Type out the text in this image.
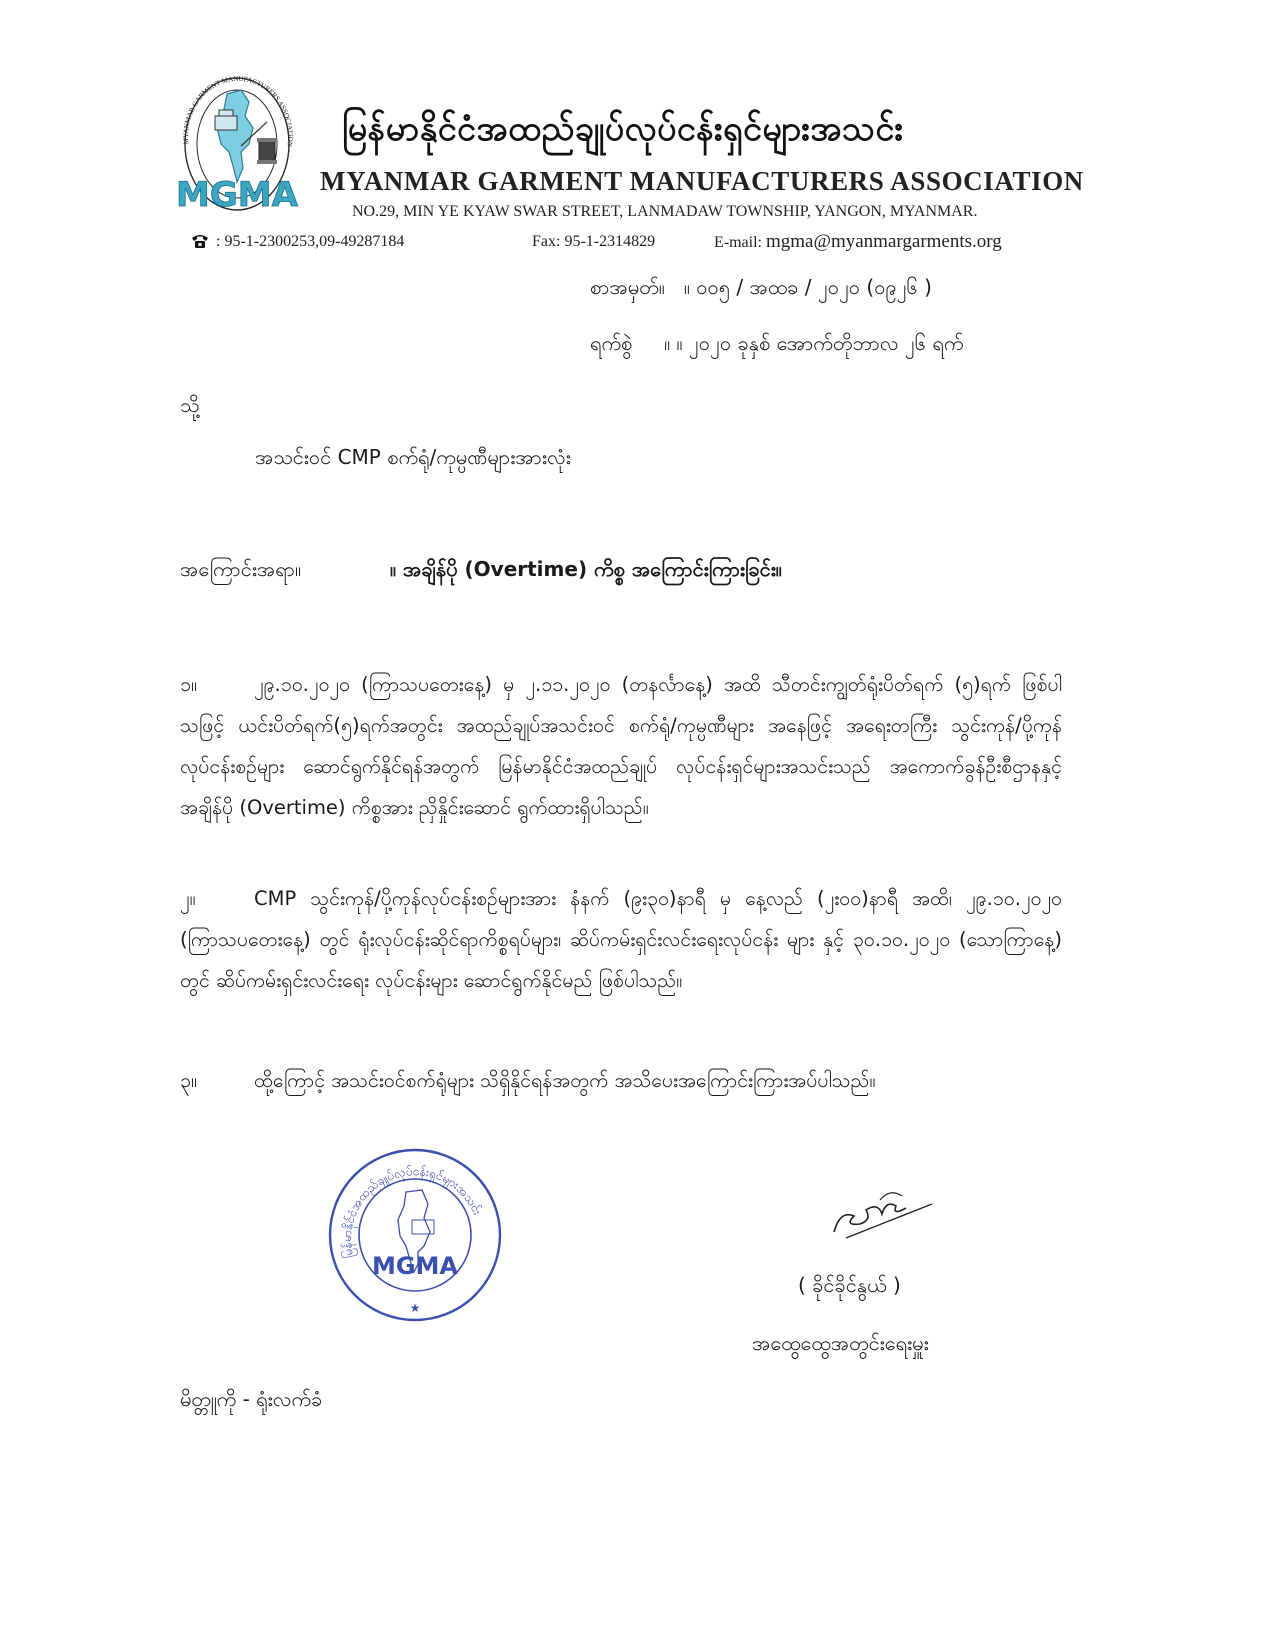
MYANMAR GARMENT MANUFACTURERS ASSOCIATION
MGMA
မြန်မာနိုင်ငံအထည်ချုပ်လုပ်ငန်းရှင်များအသင်း
MYANMAR GARMENT MANUFACTURERS ASSOCIATION
NO.29, MIN YE KYAW SWAR STREET, LANMADAW TOWNSHIP, YANGON, MYANMAR.
: 95-1-2300253,09-49287184	Fax: 95-1-2314829	E-mail: mgma@myanmargarments.org
စာအမှတ်။ ။ ၀၀၅ / အထခ / ၂၀၂၀ (၀၉၂၆ )
ရက်စွဲ ။ ။ ၂၀၂၀ ခုနှစ် အောက်တိုဘာလ ၂၆ ရက်
သို့
အသင်း၀င် CMP စက်ရုံ/ကုမ္ပဏီများအားလုံး
အကြောင်းအရာ။	။ အချိန်ပို (Overtime) ကိစ္စ အကြောင်းကြားခြင်း။
၁။	၂၉.၁၀.၂၀၂၀ (ကြာသပတေးနေ့) မှ ၂.၁၁.၂၀၂၀ (တနင်္လာနေ့) အထိ သီတင်းကျွတ်ရုံးပိတ်ရက် (၅)ရက် ဖြစ်ပါသဖြင့် ယင်းပိတ်ရက်(၅)ရက်အတွင်း အထည်ချုပ်အသင်း၀င် စက်ရုံ/ကုမ္ပဏီများ အနေဖြင့် အရေးတကြီး သွင်းကုန်/ပို့ကုန် လုပ်ငန်းစဥ်များ ဆောင်ရွက်နိုင်ရန်အတွက် မြန်မာနိုင်ငံအထည်ချုပ် လုပ်ငန်းရှင်များအသင်းသည် အကောက်ခွန်ဦးစီဌာနနှင့် အချိန်ပို (Overtime) ကိစ္စအား ညှိနှိုင်းဆောင် ရွက်ထားရှိပါသည်။
၂။	CMP သွင်းကုန်/ပို့ကုန်လုပ်ငန်းစဥ်များအား နံနက် (၉း၃၀)နာရီ မှ နေ့လည် (၂း၀၀)နာရီ အထိ၊ ၂၉.၁၀.၂၀၂၀ (ကြာသပတေးနေ့) တွင် ရုံးလုပ်ငန်းဆိုင်ရာကိစ္စရပ်များ၊ ဆိပ်ကမ်းရှင်းလင်းရေးလုပ်ငန်း များ နှင့် ၃၀.၁၀.၂၀၂၀ (သောကြာနေ့) တွင် ဆိပ်ကမ်းရှင်းလင်းရေး လုပ်ငန်းများ ဆောင်ရွက်နိုင်မည် ဖြစ်ပါသည်။
၃။	ထို့ကြောင့် အသင်း၀င်စက်ရုံများ သိရှိနိုင်ရန်အတွက် အသိပေးအကြောင်းကြားအပ်ပါသည်။
မြန်မာနိုင်ငံအထည်ချုပ်လုပ်ငန်းရှင်များအသင်း
MGMA
★
( ခိုင်ခိုင်နွယ် )
အထွေထွေအတွင်းရေးမှူး
မိတ္တူကို - ရုံးလက်ခံ
